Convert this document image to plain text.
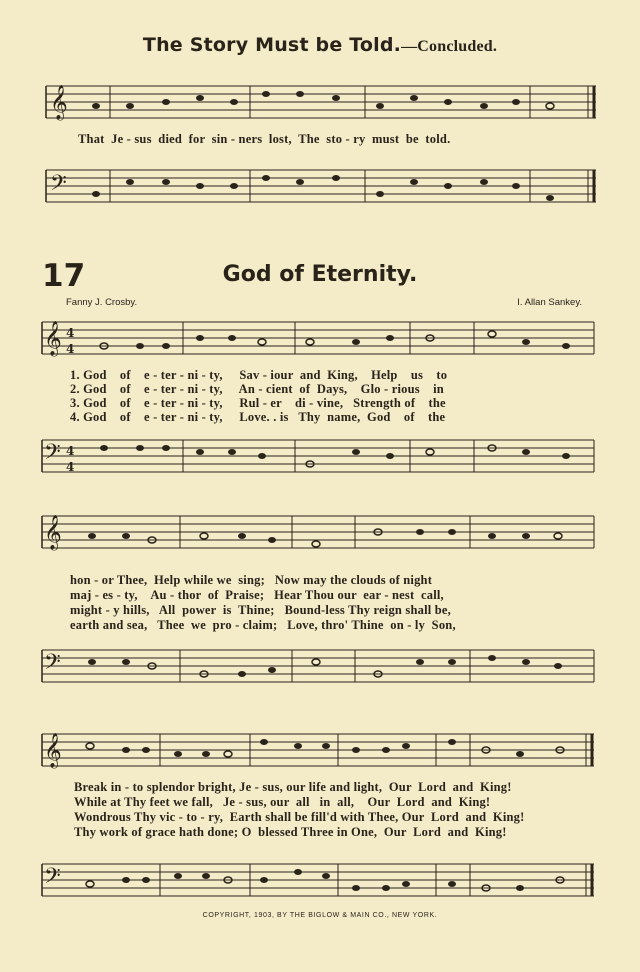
The Story Must be Told.—Concluded.
𝄞
That  Je - sus  died  for  sin - ners  lost,  The  sto - ry  must  be  told.
𝄢
17	God of Eternity.
Fanny J. Crosby.	I. Allan Sankey.
𝄞 4
4
1. God    of    e - ter - ni - ty,     Sav - iour  and  King,    Help    us    to
2. God    of    e - ter - ni - ty,     An - cient  of  Days,    Glo - rious    in
3. God    of    e - ter - ni - ty,     Rul - er    di - vine,   Strength of    the
4. God    of    e - ter - ni - ty,     Love. . is   Thy  name,  God    of    the
𝄢 4
4
𝄞
hon - or Thee,  Help while we  sing;   Now may the clouds of night
maj - es - ty,    Au - thor  of  Praise;   Hear Thou our  ear - nest  call,
might - y hills,   All  power  is  Thine;   Bound-less Thy reign shall be,
earth and sea,   Thee  we  pro - claim;   Love, thro' Thine  on - ly  Son,
𝄢
𝄞
Break in - to splendor bright, Je - sus, our life and light,  Our  Lord  and  King!
While at Thy feet we fall,   Je - sus, our  all   in  all,    Our  Lord  and  King!
Wondrous Thy vic - to - ry,  Earth shall be fill'd with Thee, Our  Lord  and  King!
Thy work of grace hath done; O  blessed Three in One,  Our  Lord  and  King!
𝄢
COPYRIGHT, 1903, BY THE BIGLOW & MAIN CO., NEW YORK.
